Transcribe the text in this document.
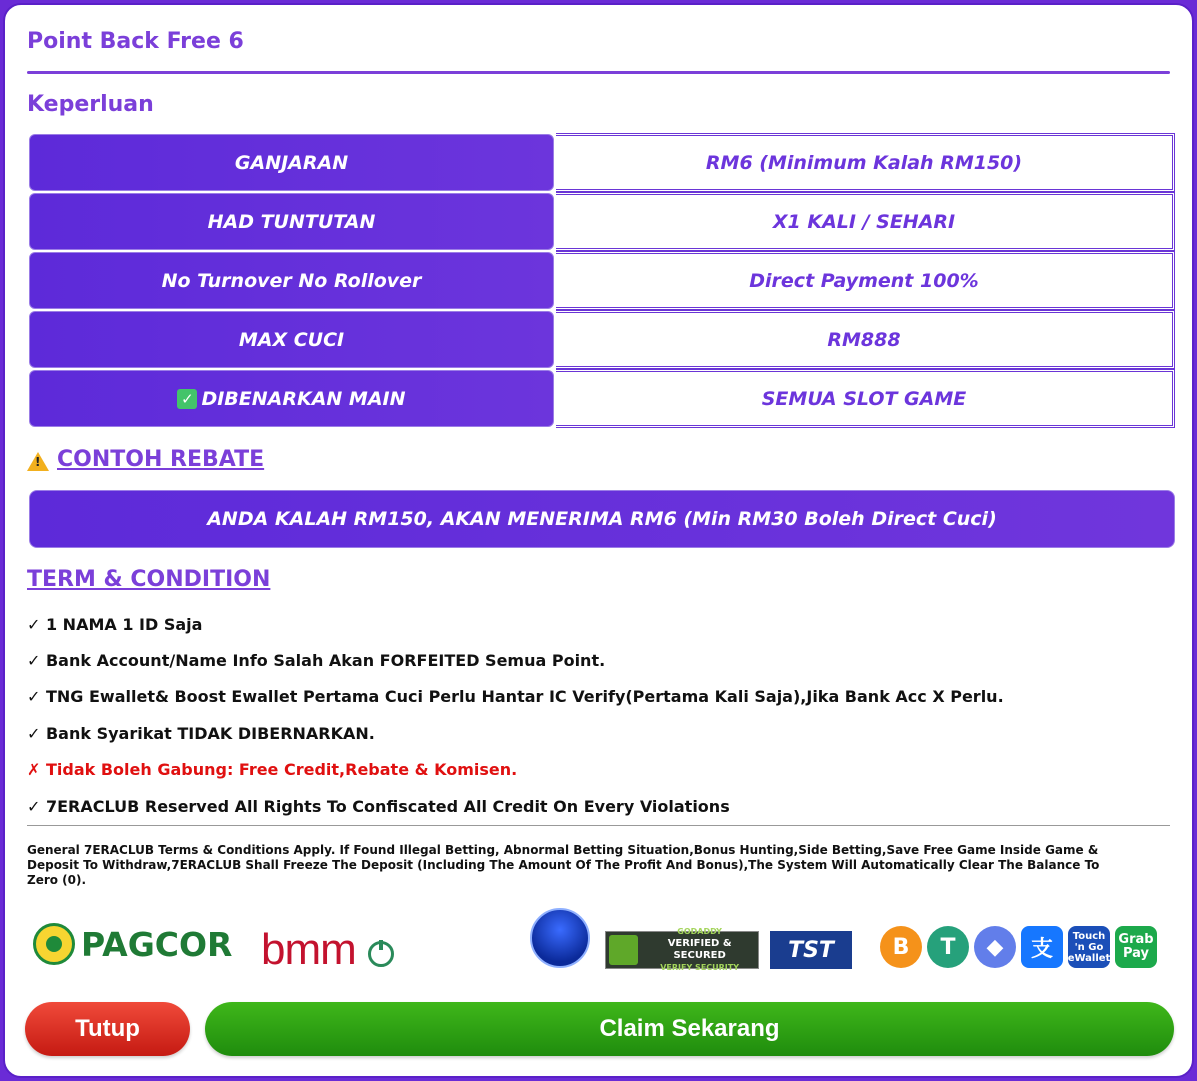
Point Back Free 6
Keperluan
GANJARAN	RM6 (Minimum Kalah RM150)
HAD TUNTUTAN	X1 KALI / SEHARI
No Turnover No Rollover	Direct Payment 100%
MAX CUCI	RM888
✓ DIBENARKAN MAIN	SEMUA SLOT GAME
! CONTOH REBATE
ANDA KALAH RM150, AKAN MENERIMA RM6 (Min RM30 Boleh Direct Cuci)
TERM & CONDITION
✓ 1 NAMA 1 ID Saja
✓ Bank Account/Name Info Salah Akan FORFEITED Semua Point.
✓ TNG Ewallet& Boost Ewallet Pertama Cuci Perlu Hantar IC Verify(Pertama Kali Saja),Jika Bank Acc X Perlu.
✓ Bank Syarikat TIDAK DIBERNARKAN.
✗ Tidak Boleh Gabung: Free Credit,Rebate & Komisen.
✓ 7ERACLUB Reserved All Rights To Confiscated All Credit On Every Violations
General 7ERACLUB Terms & Conditions Apply. If Found Illegal Betting, Abnormal Betting Situation,Bonus Hunting,Side Betting,Save Free Game Inside Game & Deposit To Withdraw,7ERACLUB Shall Freeze The Deposit (Including The Amount Of The Profit And Bonus),The System Will Automatically Clear The Balance To Zero (0).
PAGCOR bmm	GODADDY
VERIFIED & SECURED
VERIFY SECURITY
TST	B	T	◆	支
Touch 'n Go eWallet
Grab Pay
Tutup	Claim Sekarang
